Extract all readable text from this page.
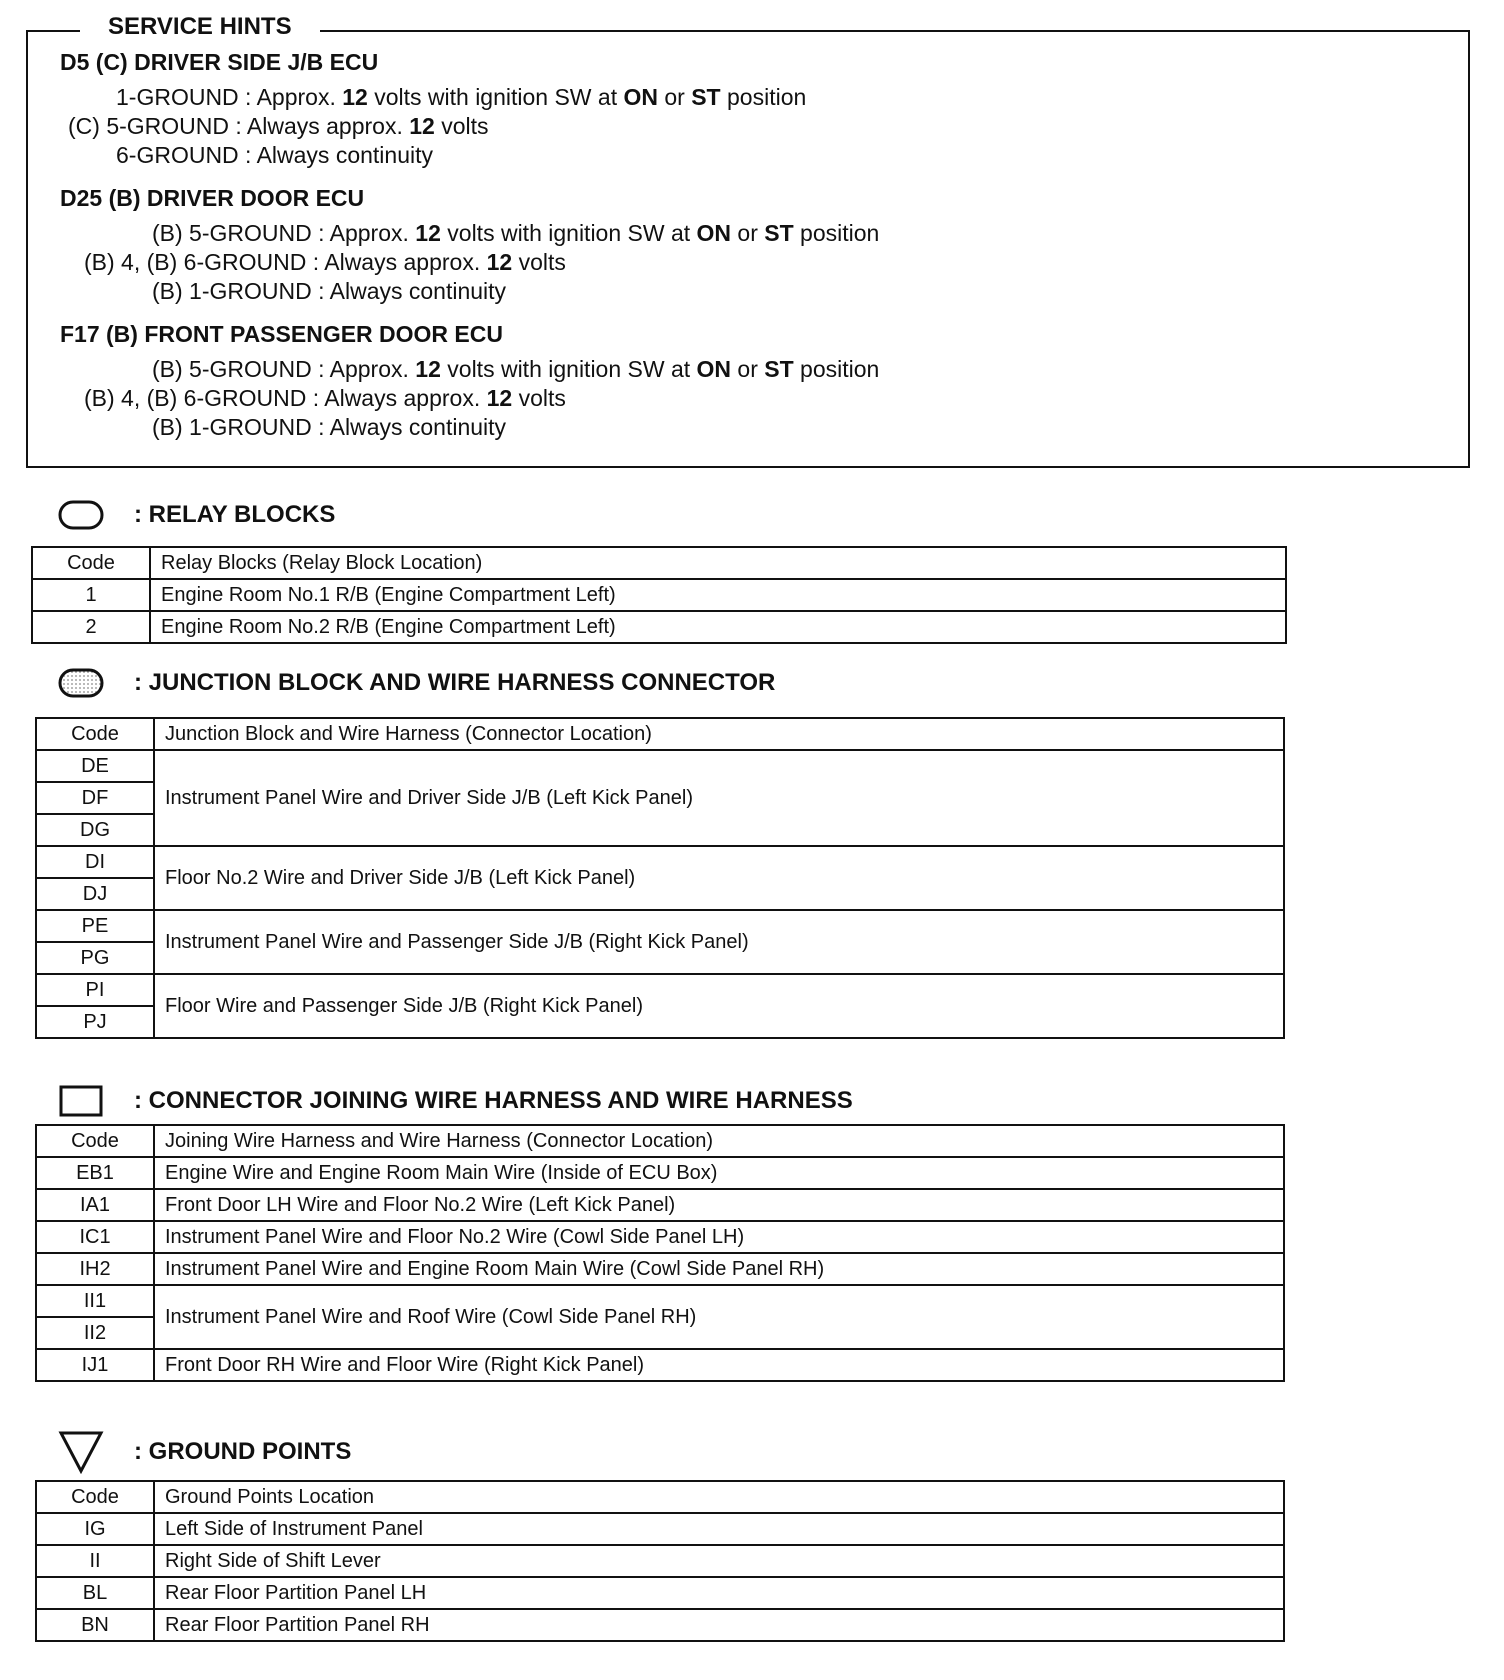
SERVICE HINTS
D5 (C) DRIVER SIDE J/B ECU
1-GROUND : Approx. 12 volts with ignition SW at ON or ST position
(C) 5-GROUND : Always approx. 12 volts
6-GROUND : Always continuity
D25 (B) DRIVER DOOR ECU
(B) 5-GROUND : Approx. 12 volts with ignition SW at ON or ST position
(B) 4, (B) 6-GROUND : Always approx. 12 volts
(B) 1-GROUND : Always continuity
F17 (B) FRONT PASSENGER DOOR ECU
(B) 5-GROUND : Approx. 12 volts with ignition SW at ON or ST position
(B) 4, (B) 6-GROUND : Always approx. 12 volts
(B) 1-GROUND : Always continuity
: RELAY BLOCKS
Code	Relay Blocks (Relay Block Location)
1	Engine Room No.1 R/B (Engine Compartment Left)
2	Engine Room No.2 R/B (Engine Compartment Left)
: JUNCTION BLOCK AND WIRE HARNESS CONNECTOR
Code	Junction Block and Wire Harness (Connector Location)
DE	Instrument Panel Wire and Driver Side J/B (Left Kick Panel)
DF	
DG	
DI	Floor No.2 Wire and Driver Side J/B (Left Kick Panel)
DJ	
PE	Instrument Panel Wire and Passenger Side J/B (Right Kick Panel)
PG	
PI	Floor Wire and Passenger Side J/B (Right Kick Panel)
PJ	
: CONNECTOR JOINING WIRE HARNESS AND WIRE HARNESS
Code	Joining Wire Harness and Wire Harness (Connector Location)
EB1	Engine Wire and Engine Room Main Wire (Inside of ECU Box)
IA1	Front Door LH Wire and Floor No.2 Wire (Left Kick Panel)
IC1	Instrument Panel Wire and Floor No.2 Wire (Cowl Side Panel LH)
IH2	Instrument Panel Wire and Engine Room Main Wire (Cowl Side Panel RH)
II1	Instrument Panel Wire and Roof Wire (Cowl Side Panel RH)
II2	
IJ1	Front Door RH Wire and Floor Wire (Right Kick Panel)
: GROUND POINTS
Code	Ground Points Location
IG	Left Side of Instrument Panel
II	Right Side of Shift Lever
BL	Rear Floor Partition Panel LH
BN	Rear Floor Partition Panel RH
